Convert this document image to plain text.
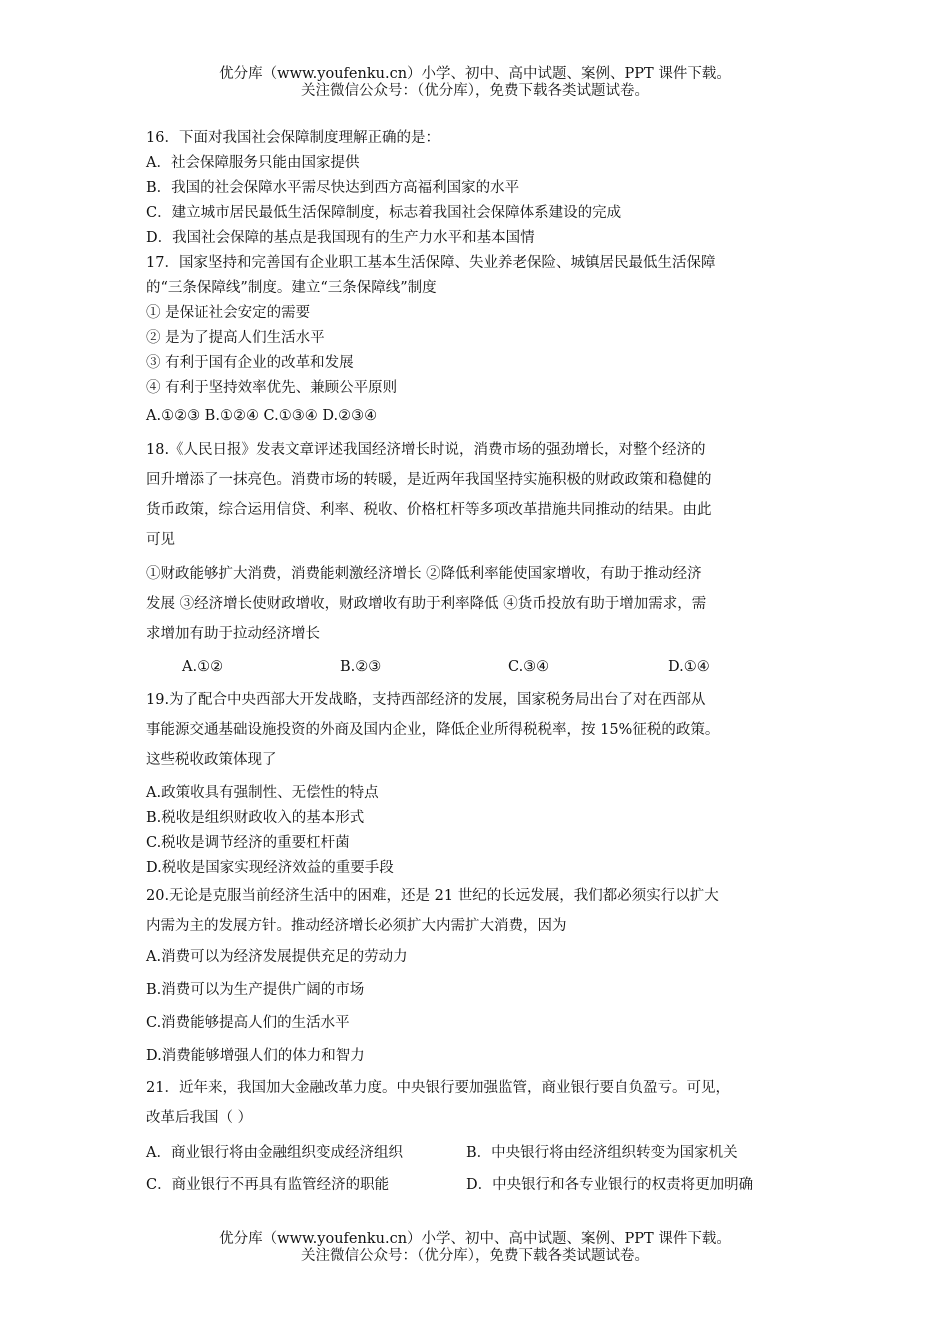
优分库（www.youfenku.cn）小学、初中、高中试题、案例、PPT 课件下载。
关注微信公众号：（优分库），免费下载各类试题试卷。
16．下面对我国社会保障制度理解正确的是：
A．社会保障服务只能由国家提供
B．我国的社会保障水平需尽快达到西方高福利国家的水平
C．建立城市居民最低生活保障制度，标志着我国社会保障体系建设的完成
D．我国社会保障的基点是我国现有的生产力水平和基本国情
17．国家坚持和完善国有企业职工基本生活保障、失业养老保险、城镇居民最低生活保障
的“三条保障线”制度。建立“三条保障线”制度
① 是保证社会安定的需要
② 是为了提高人们生活水平
③ 有利于国有企业的改革和发展
④ 有利于坚持效率优先、兼顾公平原则
A.①②③ B.①②④ C.①③④ D.②③④
18.《人民日报》发表文章评述我国经济增长时说，消费市场的强劲增长，对整个经济的
回升增添了一抹亮色。消费市场的转暖，是近两年我国坚持实施积极的财政政策和稳健的
货币政策，综合运用信贷、利率、税收、价格杠杆等多项改革措施共同推动的结果。由此
可见
①财政能够扩大消费，消费能刺激经济增长 ②降低利率能使国家增收，有助于推动经济
发展 ③经济增长使财政增收，财政增收有助于利率降低 ④货币投放有助于增加需求，需
求增加有助于拉动经济增长
A.①②	B.②③	C.③④	D.①④
19.为了配合中央西部大开发战略，支持西部经济的发展，国家税务局出台了对在西部从
事能源交通基础设施投资的外商及国内企业，降低企业所得税税率，按 15%征税的政策。
这些税收政策体现了
A.政策收具有强制性、无偿性的特点
B.税收是组织财政收入的基本形式
C.税收是调节经济的重要杠杆菌
D.税收是国家实现经济效益的重要手段
20.无论是克服当前经济生活中的困难，还是 21 世纪的长远发展，我们都必须实行以扩大
内需为主的发展方针。推动经济增长必须扩大内需扩大消费，因为
A.消费可以为经济发展提供充足的劳动力
B.消费可以为生产提供广阔的市场
C.消费能够提高人们的生活水平
D.消费能够增强人们的体力和智力
21．近年来，我国加大金融改革力度。中央银行要加强监管，商业银行要自负盈亏。可见，
改革后我国（ ）
A．商业银行将由金融组织变成经济组织	B．中央银行将由经济组织转变为国家机关
C．商业银行不再具有监管经济的职能	D．中央银行和各专业银行的权责将更加明确
优分库（www.youfenku.cn）小学、初中、高中试题、案例、PPT 课件下载。
关注微信公众号：（优分库），免费下载各类试题试卷。
